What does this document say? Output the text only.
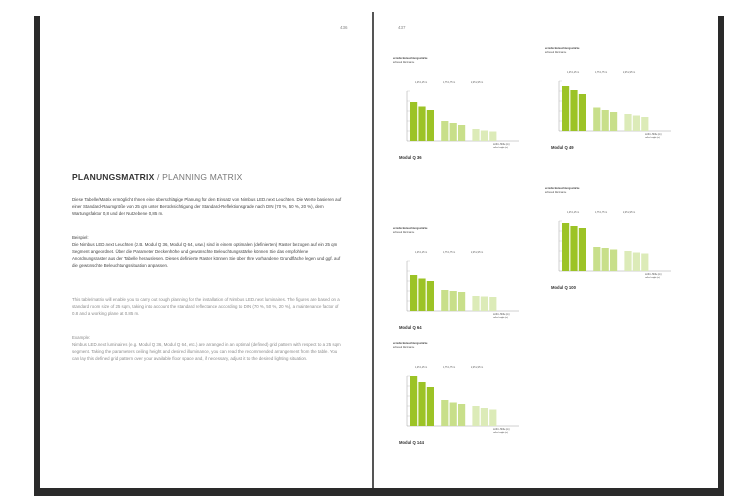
436
PLANUNGSMATRIX / PLANNING MATRIX

Diese Tabelle/Matrix ermöglicht Ihnen eine überschlägige Planung für den Einsatz von Nimbus LED.next Leuchten. Die Werte basieren auf einer Standard-Raumgröße von 25 qm unter Berücksichtigung der Standard-Reflektionsgrade nach DIN (70 %, 50 %, 20 %), dem Wartungsfaktor 0,8 und der Nutzebene 0,85 m.

Beispiel:

Die Nimbus LED.next Leuchten (z.B. Modul Q 36, Modul Q 64, usw.) sind in einem optimalen (definierten) Raster bezogen auf ein 25 qm Segment angeordnet. Über die Parameter Deckenhöhe und gewünschte Beleuchtungsstärke können Sie das empfohlene Anordnungsraster aus der Tabelle herauslesen. Dieses definierte Raster können Sie über Ihre vorhandene Grundfläche legen und ggf. auf die gewünschte Beleuchtungssituation anpassen.

This table/matrix will enable you to carry out rough planning for the installation of Nimbus LED.next luminaires. The figures are based on a standard room size of 25 sqm, taking into account the standard reflectance according to DIN (70 %, 50 %, 20 %), a maintenance factor of 0.8 and a working plane at 0.85 m.

Example:

Nimbus LED.next luminaires (e.g. Modul Q 36, Modul Q 64, etc.) are arranged in an optimal (defined) grid pattern with respect to a 25 sqm segment. Taking the parameters ceiling height and desired illuminance, you can read the recommended arrangement from the table. You can lay this defined grid pattern over your available floor space and, if necessary, adjust it to the desired lighting situation.

437
erzielte Beleuchtungsstärke
achieved illuminance
1,25 1,25 m	1,75 1,75 m	2,25 2,25 m
Lichtr.-Höhe (m)
cellar height (m)
Modul Q 36
erzielte Beleuchtungsstärke
achieved illuminance
1,25 1,25 m	1,75 1,75 m	2,25 2,25 m
Lichtr.-Höhe (m)
cellar height (m)
Modul Q 49
erzielte Beleuchtungsstärke
achieved illuminance
1,25 1,25 m	1,75 1,75 m	2,25 2,25 m
Lichtr.-Höhe (m)
cellar height (m)
Modul Q 64
erzielte Beleuchtungsstärke
achieved illuminance
1,25 1,25 m	1,75 1,75 m	2,25 2,25 m
Lichtr.-Höhe (m)
cellar height (m)
Modul Q 100
erzielte Beleuchtungsstärke
achieved illuminance
1,25 1,25 m	1,75 1,75 m	2,25 2,25 m
Lichtr.-Höhe (m)
cellar height (m)
Modul Q 144
